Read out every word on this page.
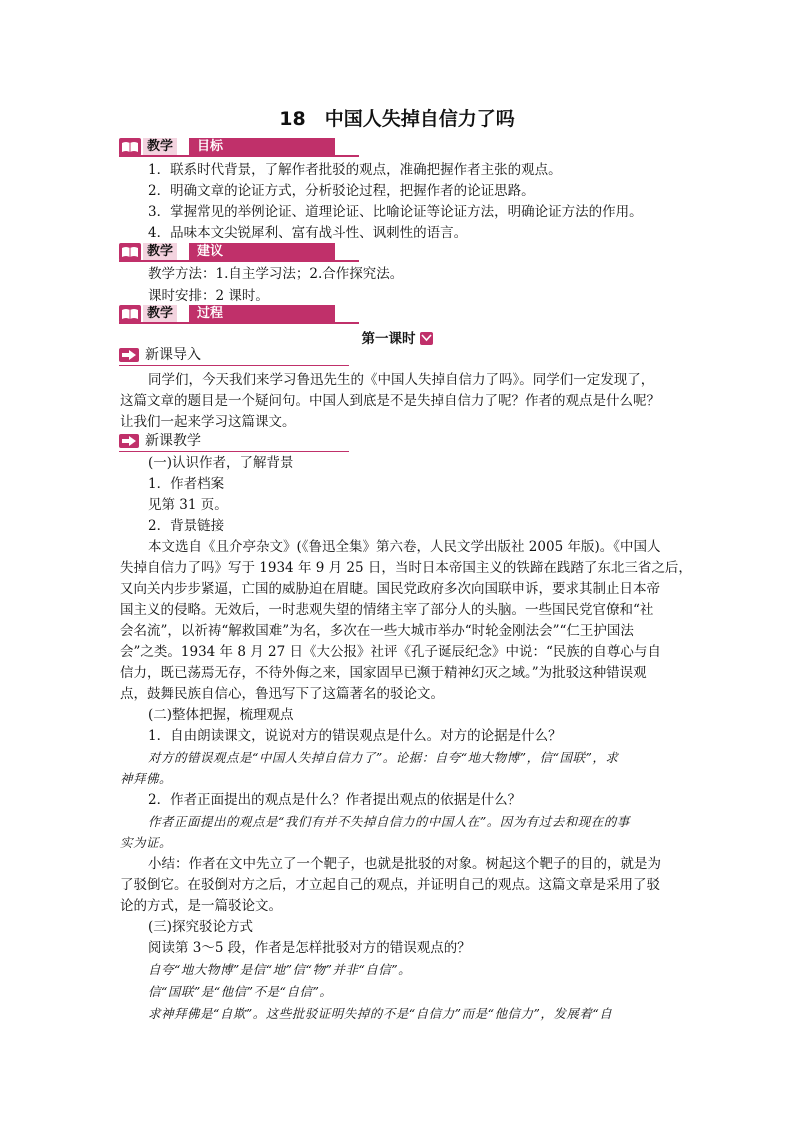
18　中国人失掉自信力了吗
教学	目标
1．联系时代背景，了解作者批驳的观点，准确把握作者主张的观点。
2．明确文章的论证方式，分析驳论过程，把握作者的论证思路。
3．掌握常见的举例论证、道理论证、比喻论证等论证方法，明确论证方法的作用。
4．品味本文尖锐犀利、富有战斗性、讽刺性的语言。
教学	建议
教学方法：1.自主学习法；2.合作探究法。
课时安排：2 课时。
教学	过程
第一课时
新课导入
同学们，今天我们来学习鲁迅先生的《中国人失掉自信力了吗》。同学们一定发现了，
这篇文章的题目是一个疑问句。中国人到底是不是失掉自信力了呢？作者的观点是什么呢？
让我们一起来学习这篇课文。
新课教学
(一)认识作者，了解背景
1．作者档案
见第 31 页。
2．背景链接
本文选自《且介亭杂文》(《鲁迅全集》第六卷，人民文学出版社 2005 年版)。《中国人
失掉自信力了吗》写于 1934 年 9 月 25 日，当时日本帝国主义的铁蹄在践踏了东北三省之后，
又向关内步步紧逼，亡国的威胁迫在眉睫。国民党政府多次向国联申诉，要求其制止日本帝
国主义的侵略。无效后，一时悲观失望的情绪主宰了部分人的头脑。一些国民党官僚和“社
会名流”，以祈祷“解救国难”为名，多次在一些大城市举办“时轮金刚法会”“仁王护国法
会”之类。1934 年 8 月 27 日《大公报》社评《孔子诞辰纪念》中说：“民族的自尊心与自
信力，既已荡焉无存，不待外侮之来，国家固早已濒于精神幻灭之域。”为批驳这种错误观
点，鼓舞民族自信心，鲁迅写下了这篇著名的驳论文。
(二)整体把握，梳理观点
1．自由朗读课文，说说对方的错误观点是什么。对方的论据是什么？
对方的错误观点是“中国人失掉自信力了”。论据：自夸“地大物博”，信“国联”，求
神拜佛。
2．作者正面提出的观点是什么？作者提出观点的依据是什么？
作者正面提出的观点是“我们有并不失掉自信力的中国人在”。因为有过去和现在的事
实为证。
小结：作者在文中先立了一个靶子，也就是批驳的对象。树起这个靶子的目的，就是为
了驳倒它。在驳倒对方之后，才立起自己的观点，并证明自己的观点。这篇文章是采用了驳
论的方式，是一篇驳论文。
(三)探究驳论方式
阅读第 3～5 段，作者是怎样批驳对方的错误观点的？
自夸“地大物博”是信“地”信“物”并非“自信”。
信“国联”是“他信”不是“自信”。
求神拜佛是“自欺”。这些批驳证明失掉的不是“自信力”而是“他信力”，发展着“自
